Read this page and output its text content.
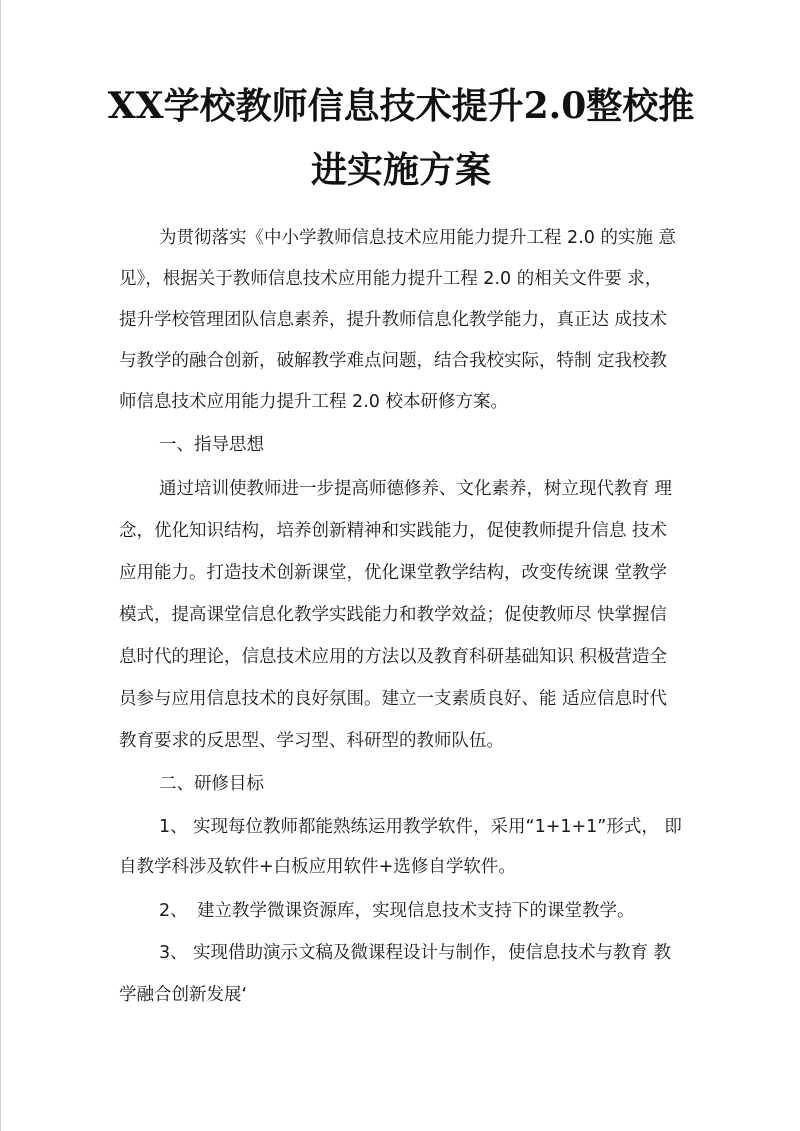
XX学校教师信息技术提升2.0整校推
进实施方案
为贯彻落实《中小学教师信息技术应用能力提升工程 2.0 的实施 意
见》，根据关于教师信息技术应用能力提升工程 2.0 的相关文件要 求，
提升学校管理团队信息素养，提升教师信息化教学能力，真正达 成技术
与教学的融合创新，破解教学难点问题，结合我校实际，特制 定我校教
师信息技术应用能力提升工程 2.0 校本研修方案。
一、指导思想
通过培训使教师进一步提高师德修养、文化素养，树立现代教育 理
念，优化知识结构，培养创新精神和实践能力，促使教师提升信息 技术
应用能力。打造技术创新课堂，优化课堂教学结构，改变传统课 堂教学
模式，提高课堂信息化教学实践能力和教学效益；促使教师尽 快掌握信
息时代的理论，信息技术应用的方法以及教育科研基础知识 积极营造全
员参与应用信息技术的良好氛围。建立一支素质良好、能 适应信息时代
教育要求的反思型、学习型、科研型的教师队伍。
二、研修目标
1、 实现每位教师都能熟练运用教学软件，采用“1+1+1”形式， 即
自教学科涉及软件+白板应用软件+选修自学软件。
2、 建立教学微课资源库，实现信息技术支持下的课堂教学。
3、 实现借助演示文稿及微课程设计与制作，使信息技术与教育 教
学融合创新发展‘
